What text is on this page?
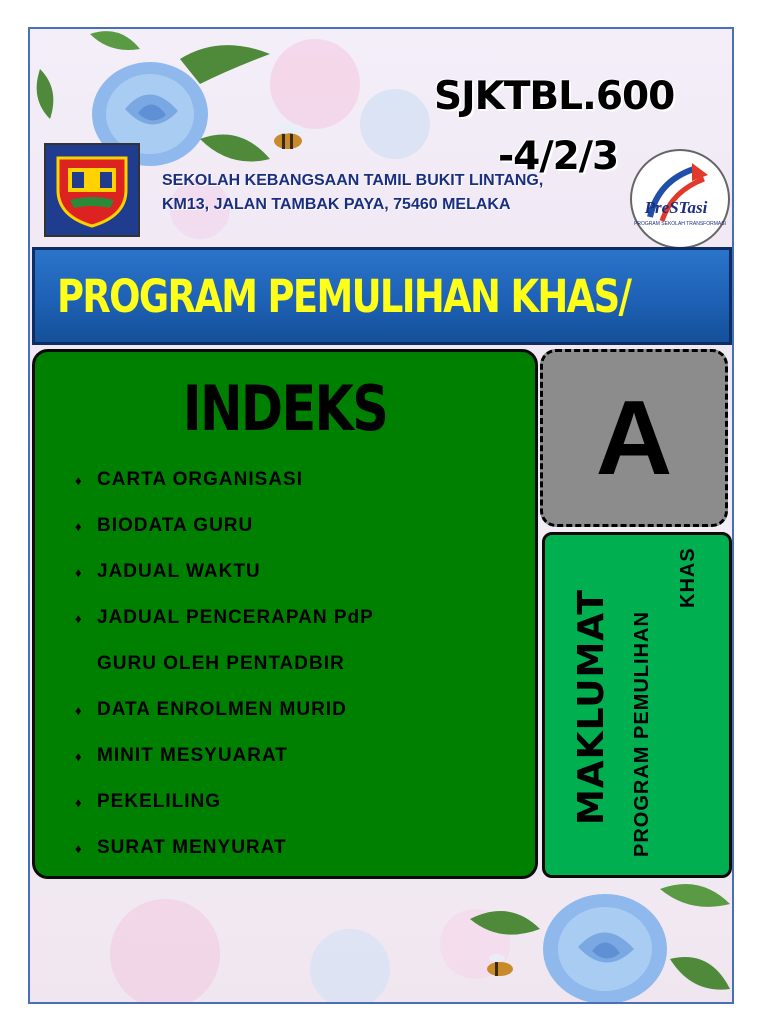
PreSTasi
PROGRAM SEKOLAH TRANSFORMASI
SJKTBL.600
-4/2/3
SEKOLAH KEBANGSAAN TAMIL BUKIT LINTANG,
KM13, JALAN TAMBAK PAYA, 75460 MELAKA
PROGRAM PEMULIHAN KHAS/
INDEKS
♦ CARTA ORGANISASI
♦ BIODATA GURU
♦ JADUAL WAKTU
♦ JADUAL PENCERAPAN PdP
GURU OLEH PENTADBIR
♦ DATA ENROLMEN MURID
♦ MINIT MESYUARAT
♦ PEKELILING
♦ SURAT MENYURAT
A
MAKLUMAT PROGRAM PEMULIHAN
KHAS
